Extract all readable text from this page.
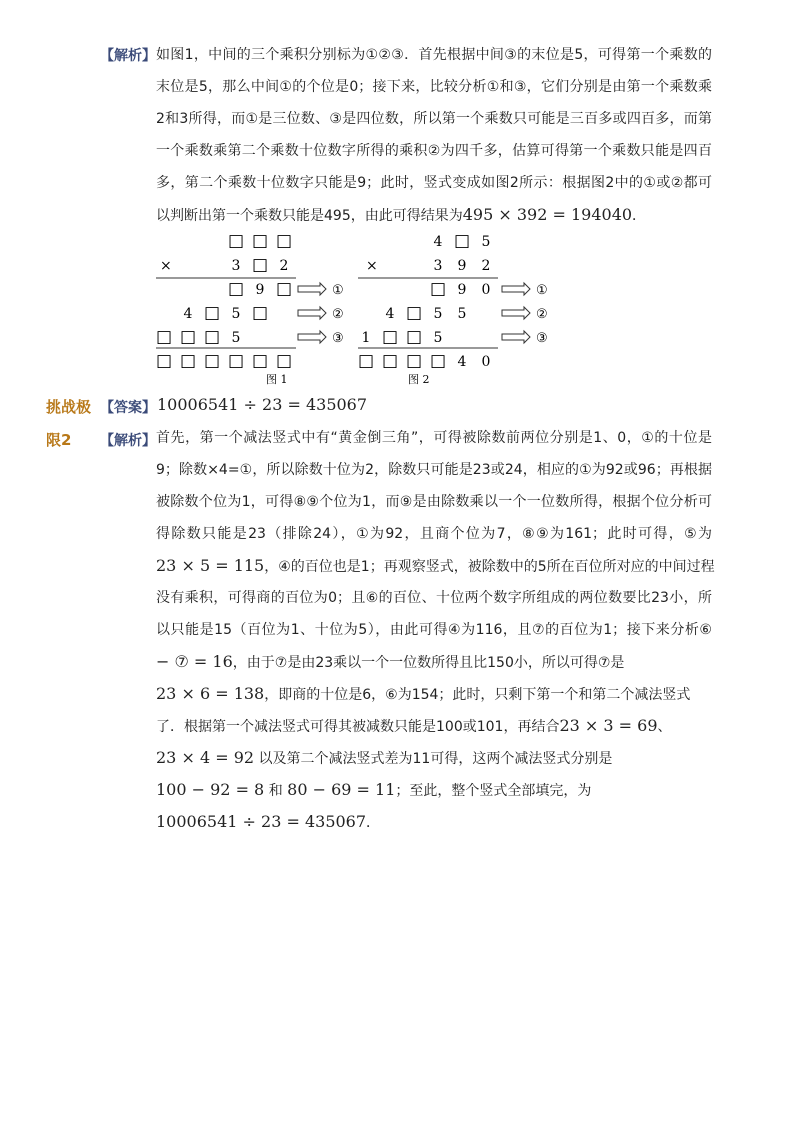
【解析】 如图1，中间的三个乘积分别标为①②③．首先根据中间③的末位是5，可得第一个乘数的
末位是5，那么中间①的个位是0；接下来，比较分析①和③，它们分别是由第一个乘数乘
2和3所得，而①是三位数、③是四位数，所以第一个乘数只可能是三百多或四百多，而第
一个乘数乘第二个乘数十位数字所得的乘积②为四千多，估算可得第一个乘数只能是四百
多，第二个乘数十位数字只能是9；此时，竖式变成如图2所示：根据图2中的①或②都可
以判断出第一个乘数只能是495，由此可得结果为495 × 392 = 194040．
×
图 1
□ □ □
3 □ 2
□ 9 □
4 □ 5 □
□ □ □ 5
□ □ □ □ □ □
×
图 2
4 □ 5
3 9 2
□ 9 0
4 □ 5 5
1 □ □ 5
□ □ □ □ 4 0
①
②
③
①
②
③
挑战极 【答案】 10006541 ÷ 23 = 435067
限2 【解析】 首先，第一个减法竖式中有“黄金倒三角”，可得被除数前两位分别是1、0，①的十位是
9；除数×4=①，所以除数十位为2，除数只可能是23或24，相应的①为92或96；再根据
被除数个位为1，可得⑧⑨个位为1，而⑨是由除数乘以一个一位数所得，根据个位分析可
得除数只能是23（排除24），①为92，且商个位为7，⑧⑨为161；此时可得，⑤为
23 × 5 = 115，④的百位也是1；再观察竖式，被除数中的5所在百位所对应的中间过程
没有乘积，可得商的百位为0；且⑥的百位、十位两个数字所组成的两位数要比23小，所
以只能是15（百位为1、十位为5），由此可得④为116，且⑦的百位为1；接下来分析⑥
− ⑦ = 16，由于⑦是由23乘以一个一位数所得且比150小，所以可得⑦是
23 × 6 = 138，即商的十位是6，⑥为154；此时，只剩下第一个和第二个减法竖式
了．根据第一个减法竖式可得其被减数只能是100或101，再结合23 × 3 = 69、
23 × 4 = 92 以及第二个减法竖式差为11可得，这两个减法竖式分别是
100 − 92 = 8 和 80 − 69 = 11；至此，整个竖式全部填完，为
10006541 ÷ 23 = 435067．
